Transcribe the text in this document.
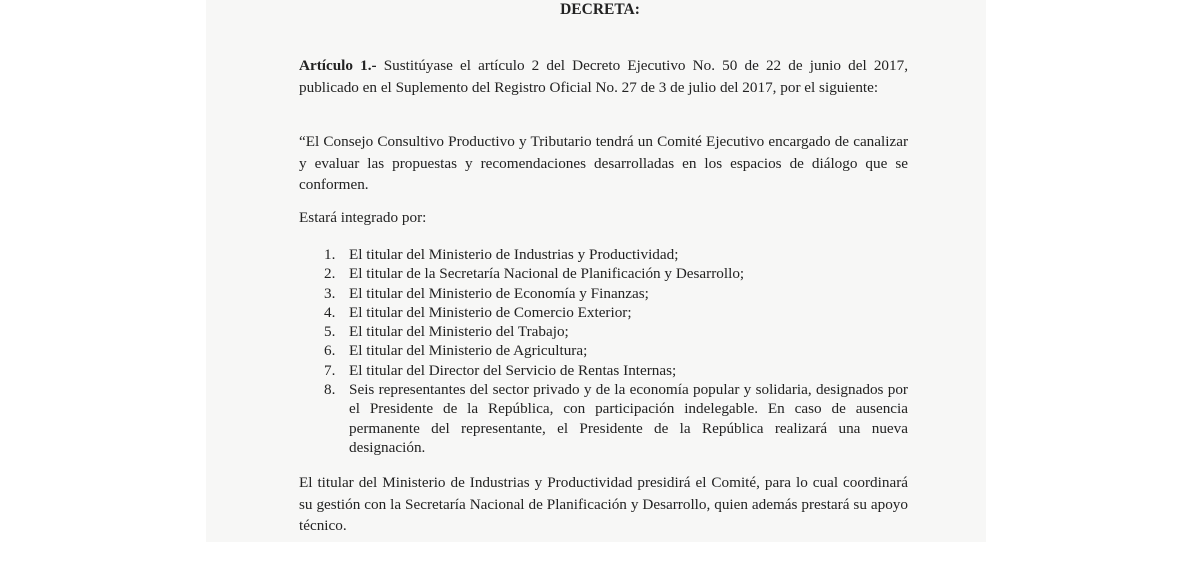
DECRETA:
Artículo 1.- Sustitúyase el artículo 2 del Decreto Ejecutivo No. 50 de 22 de junio del 2017, publicado en el Suplemento del Registro Oficial No. 27 de 3 de julio del 2017, por el siguiente:
“El Consejo Consultivo Productivo y Tributario tendrá un Comité Ejecutivo encargado de canalizar y evaluar las propuestas y recomendaciones desarrolladas en los espacios de diálogo que se conformen.
Estará integrado por:
1. El titular del Ministerio de Industrias y Productividad;
2. El titular de la Secretaría Nacional de Planificación y Desarrollo;
3. El titular del Ministerio de Economía y Finanzas;
4. El titular del Ministerio de Comercio Exterior;
5. El titular del Ministerio del Trabajo;
6. El titular del Ministerio de Agricultura;
7. El titular del Director del Servicio de Rentas Internas;
8. Seis representantes del sector privado y de la economía popular y solidaria, designados por el Presidente de la República, con participación indelegable. En caso de ausencia permanente del representante, el Presidente de la República realizará una nueva designación.
El titular del Ministerio de Industrias y Productividad presidirá el Comité, para lo cual coordinará su gestión con la Secretaría Nacional de Planificación y Desarrollo, quien además prestará su apoyo técnico.
